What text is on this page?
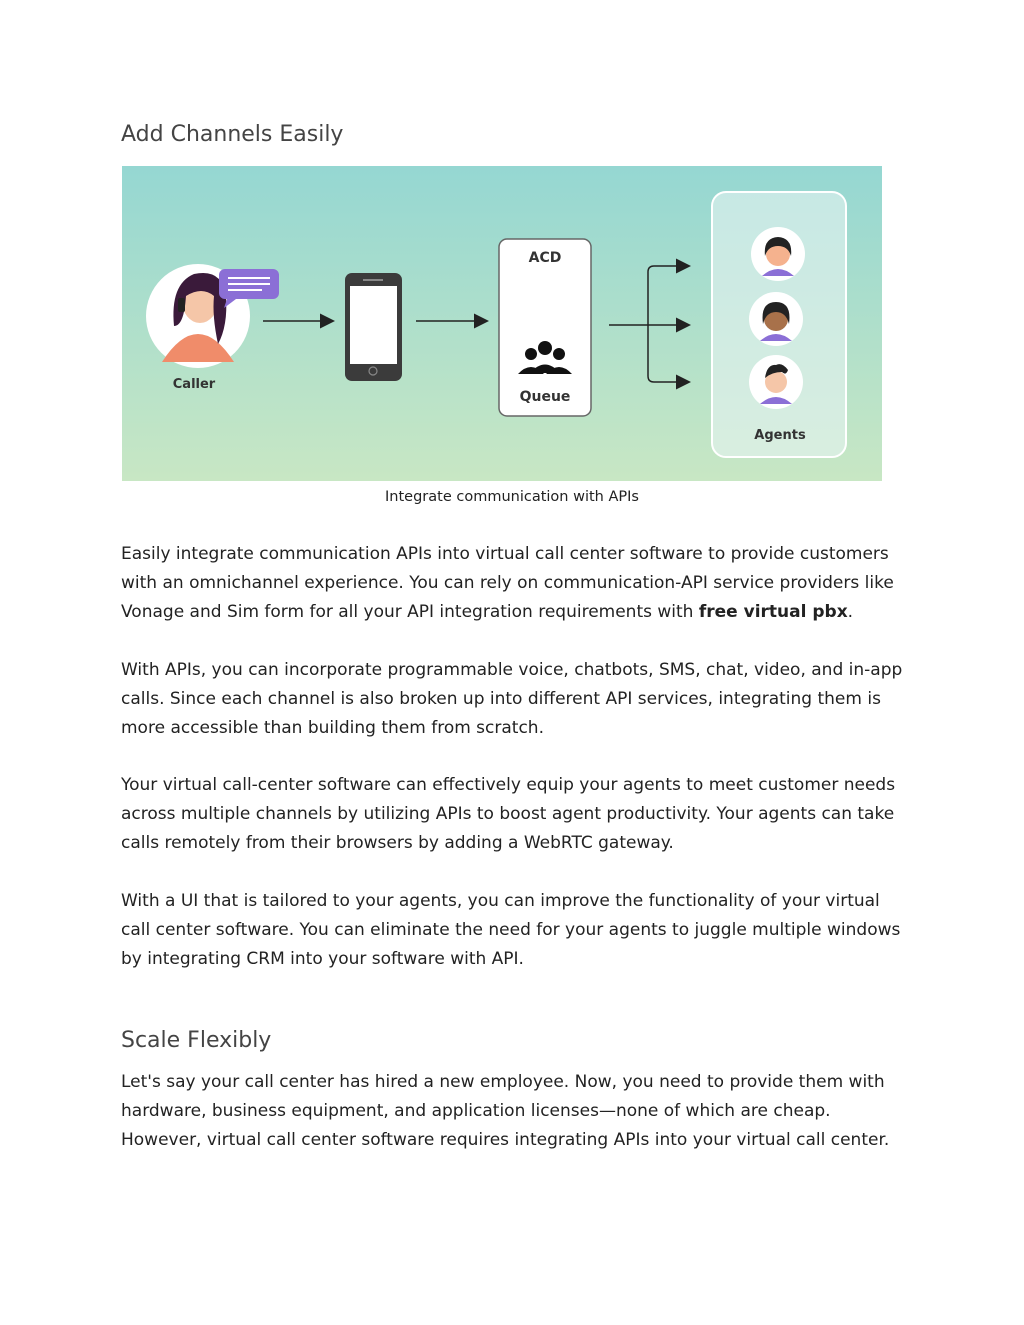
Add Channels Easily
Caller
ACD
Queue
Agents
Integrate communication with APIs

Easily integrate communication APIs into virtual call center software to provide customers with an omnichannel experience. You can rely on communication-API service providers like Vonage and Sim form for all your API integration requirements with free virtual pbx.

With APIs, you can incorporate programmable voice, chatbots, SMS, chat, video, and in-app calls. Since each channel is also broken up into different API services, integrating them is more accessible than building them from scratch.

Your virtual call-center software can effectively equip your agents to meet customer needs across multiple channels by utilizing APIs to boost agent productivity. Your agents can take calls remotely from their browsers by adding a WebRTC gateway.

With a UI that is tailored to your agents, you can improve the functionality of your virtual call center software. You can eliminate the need for your agents to juggle multiple windows by integrating CRM into your software with API.

Scale Flexibly

Let's say your call center has hired a new employee. Now, you need to provide them with hardware, business equipment, and application licenses—none of which are cheap. However, virtual call center software requires integrating APIs into your virtual call center.
